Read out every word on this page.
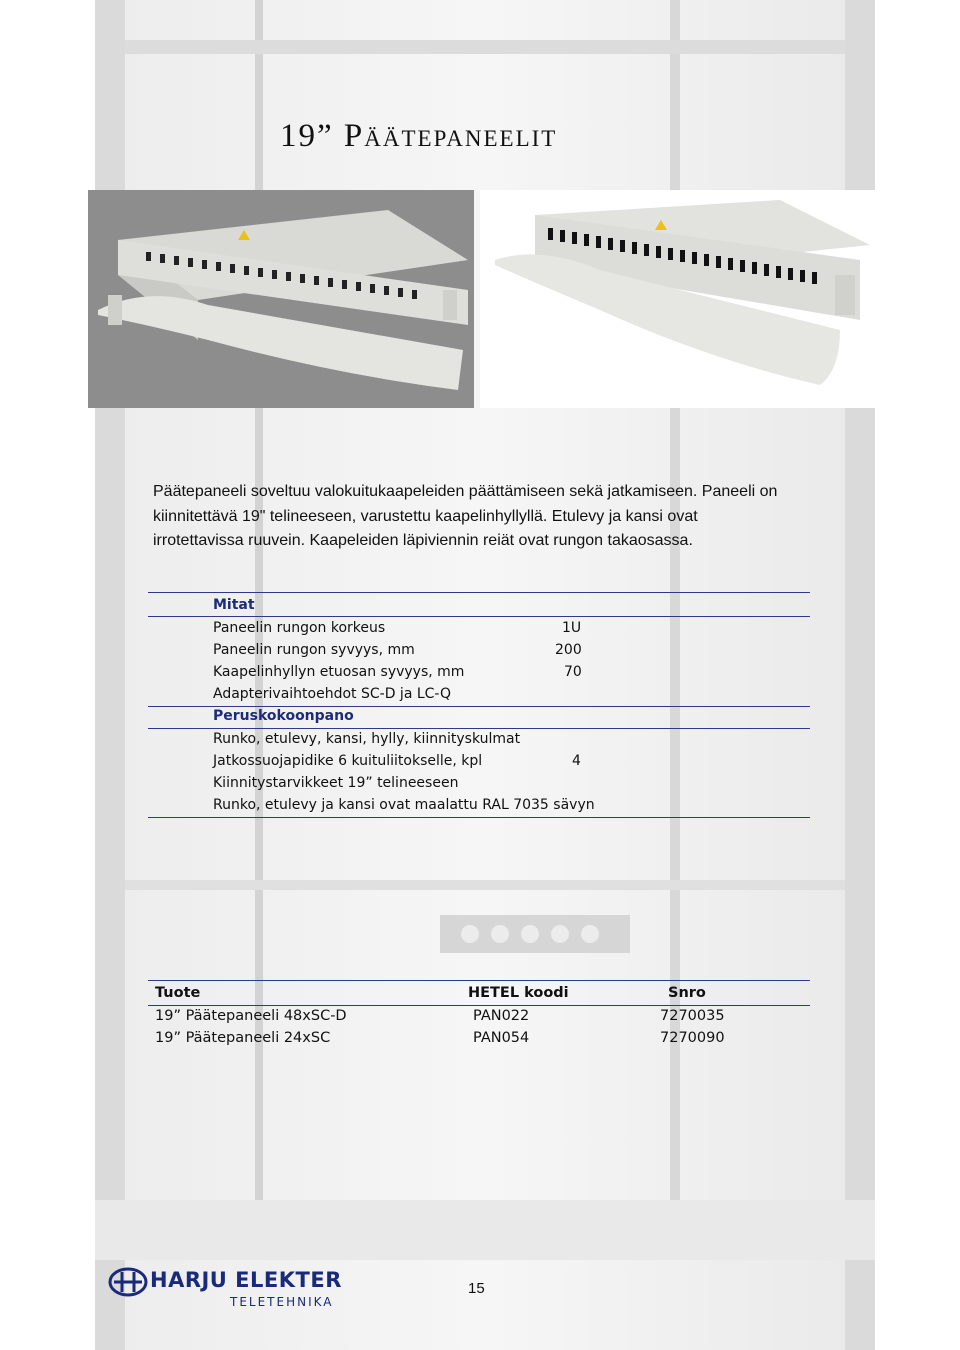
19” Päätepaneelit
Päätepaneeli soveltuu valokuitukaapeleiden päättämiseen sekä jatkamiseen. Paneeli on
kiinnitettävä 19" telineeseen, varustettu kaapelinhyllyllä. Etulevy ja kansi ovat
irrotettavissa ruuvein. Kaapeleiden läpiviennin reiät ovat rungon takaosassa.
Mitat
Paneelin rungon korkeus	1U
Paneelin rungon syvyys, mm	200
Kaapelinhyllyn etuosan syvyys, mm	70
Adapterivaihtoehdot SC-D ja LC-Q
Peruskokoonpano
Runko, etulevy, kansi, hylly, kiinnityskulmat
Jatkossuojapidike 6 kuituliitokselle, kpl	4
Kiinnitystarvikkeet 19” telineeseen
Runko, etulevy ja kansi ovat maalattu RAL 7035 sävyn
Tuote	HETEL koodi	Snro
19” Päätepaneeli 48xSC-D	PAN022	7270035
19” Päätepaneeli 24xSC	PAN054	7270090
HARJU ELEKTER
TELETEHNIKA
15
